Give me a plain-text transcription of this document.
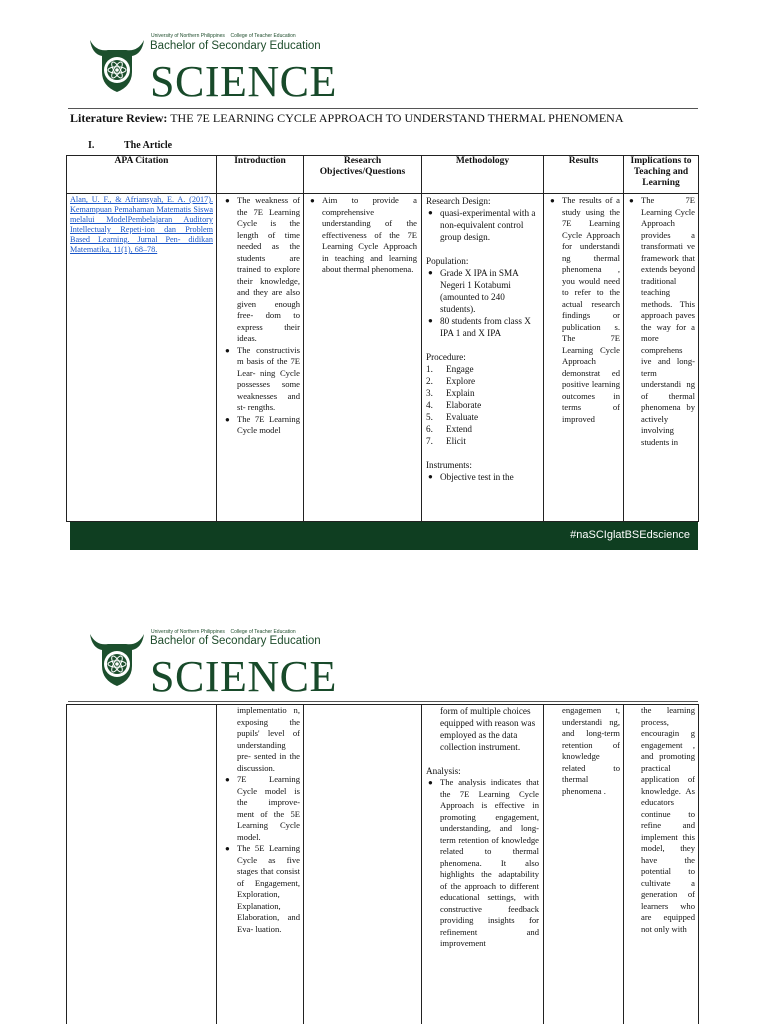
University of Northern Philippines College of Teacher Education
Bachelor of Secondary Education
SCIENCE
Literature Review: THE 7E LEARNING CYCLE APPROACH TO UNDERSTAND THERMAL PHENOMENA
I.	The Article
APA Citation
Alan, U. F., & Afriansyah, E. A. (2017). Kemampuan Pemahaman Matematis Siswa melalui ModelPembelajaran Auditory Intellectualy Repeti-ion dan Problem Based Learning. Jurnal Pen- didikan Matematika, 11(1), 68–78.
Introduction
● The weakness of the 7E Learning Cycle is the length of time needed as the students are trained to explore their knowledge, and they are also given enough free- dom to express their ideas.
● The constructivis m basis of the 7E Lear- ning Cycle possesses some weaknesses and st- rengths.
● The 7E Learning Cycle model
Research Objectives/Questions
● Aim to provide a comprehensive understanding of the effectiveness of the 7E Learning Cycle Approach in teaching and learning about thermal phenomena.
Methodology
Research Design:
● quasi-experimental with a non-equivalent control group design.
Population:
● Grade X IPA in SMA Negeri 1 Kotabumi (amounted to 240 students).
● 80 students from class X IPA 1 and X IPA
Procedure:
1. Engage
2. Explore
3. Explain
4. Elaborate
5. Evaluate
6. Extend
7. Elicit
Instruments:
● Objective test in the
Results
● The results of a study using the 7E Learning Cycle Approach for understandi ng thermal phenomena , you would need to refer to the actual research findings or publication s. The 7E Learning Cycle Approach demonstrat ed positive learning outcomes in terms of improved
Implications to Teaching and Learning
● The 7E Learning Cycle Approach provides a transformati ve framework that extends beyond traditional teaching methods. This approach paves the way for a more comprehens ive and long-term understandi ng of thermal phenomena by actively involving students in
#naSCIglatBSEdscience
University of Northern Philippines College of Teacher Education
Bachelor of Secondary Education
SCIENCE
implementatio n, exposing the pupils' level of understanding pre- sented in the discussion.
● 7E Learning Cycle model is the improve- ment of the 5E Learning Cycle model.
● The 5E Learning Cycle as five stages that consist of Engagement, Exploration, Explanation, Elaboration, and Eva- luation.
form of multiple choices equipped with reason was employed as the data collection instrument.
Analysis:
● The analysis indicates that the 7E Learning Cycle Approach is effective in promoting engagement, understanding, and long-term retention of knowledge related to thermal phenomena. It also highlights the adaptability of the approach to different educational settings, with constructive feedback providing insights for refinement and improvement
engagemen t, understandi ng, and long-term retention of knowledge related to thermal phenomena .
the learning process, encouragin g engagement , and promoting practical application of knowledge. As educators continue to refine and implement this model, they have the potential to cultivate a generation of learners who are equipped not only with
